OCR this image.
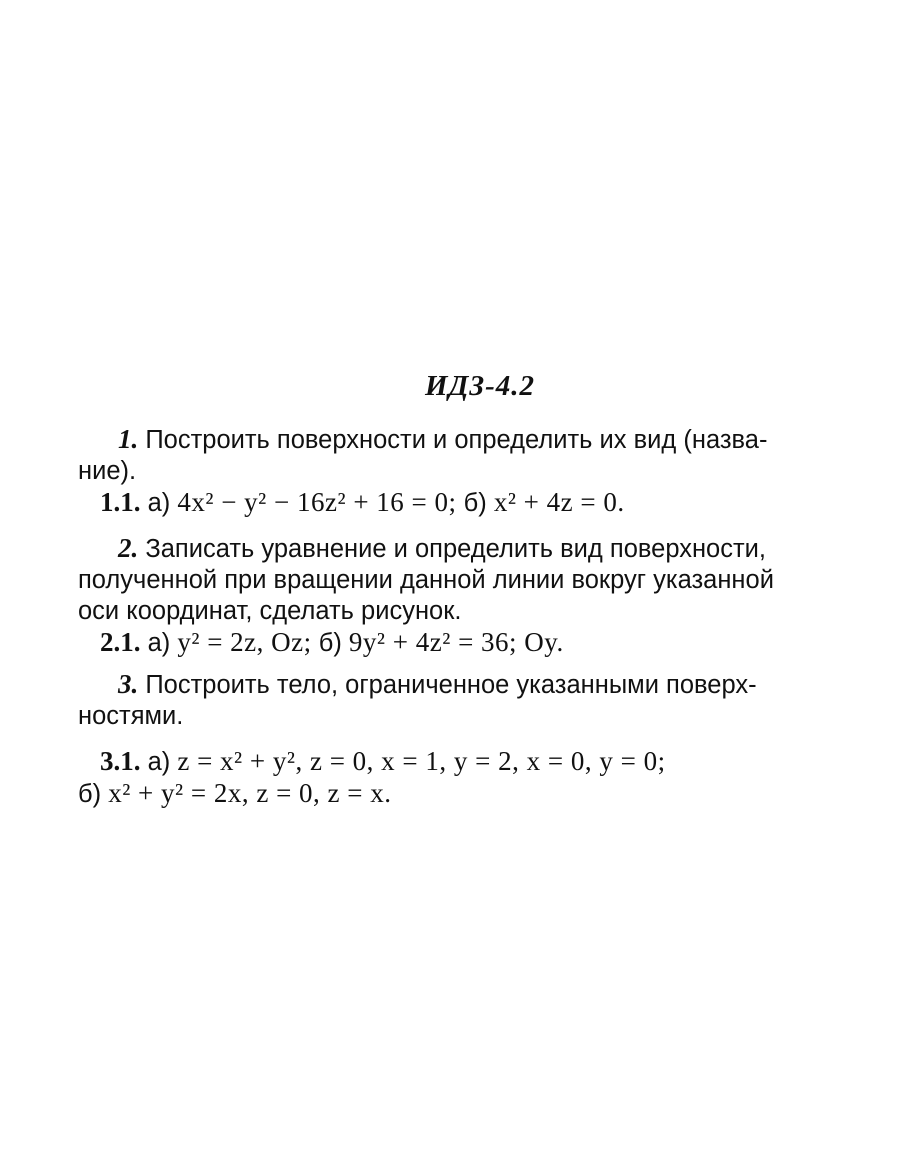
ИДЗ-4.2

1. Построить поверхности и определить их вид (назва-
ние).

1.1. а) 4x² − y² − 16z² + 16 = 0; б) x² + 4z = 0.

2. Записать уравнение и определить вид поверхности,
полученной при вращении данной линии вокруг указанной
оси координат, сделать рисунок.

2.1. а) y² = 2z, Oz; б) 9y² + 4z² = 36; Oy.

3. Построить тело, ограниченное указанными поверх-
ностями.

3.1. а) z = x² + y², z = 0, x = 1, y = 2, x = 0, y = 0;

б) x² + y² = 2x, z = 0, z = x.
